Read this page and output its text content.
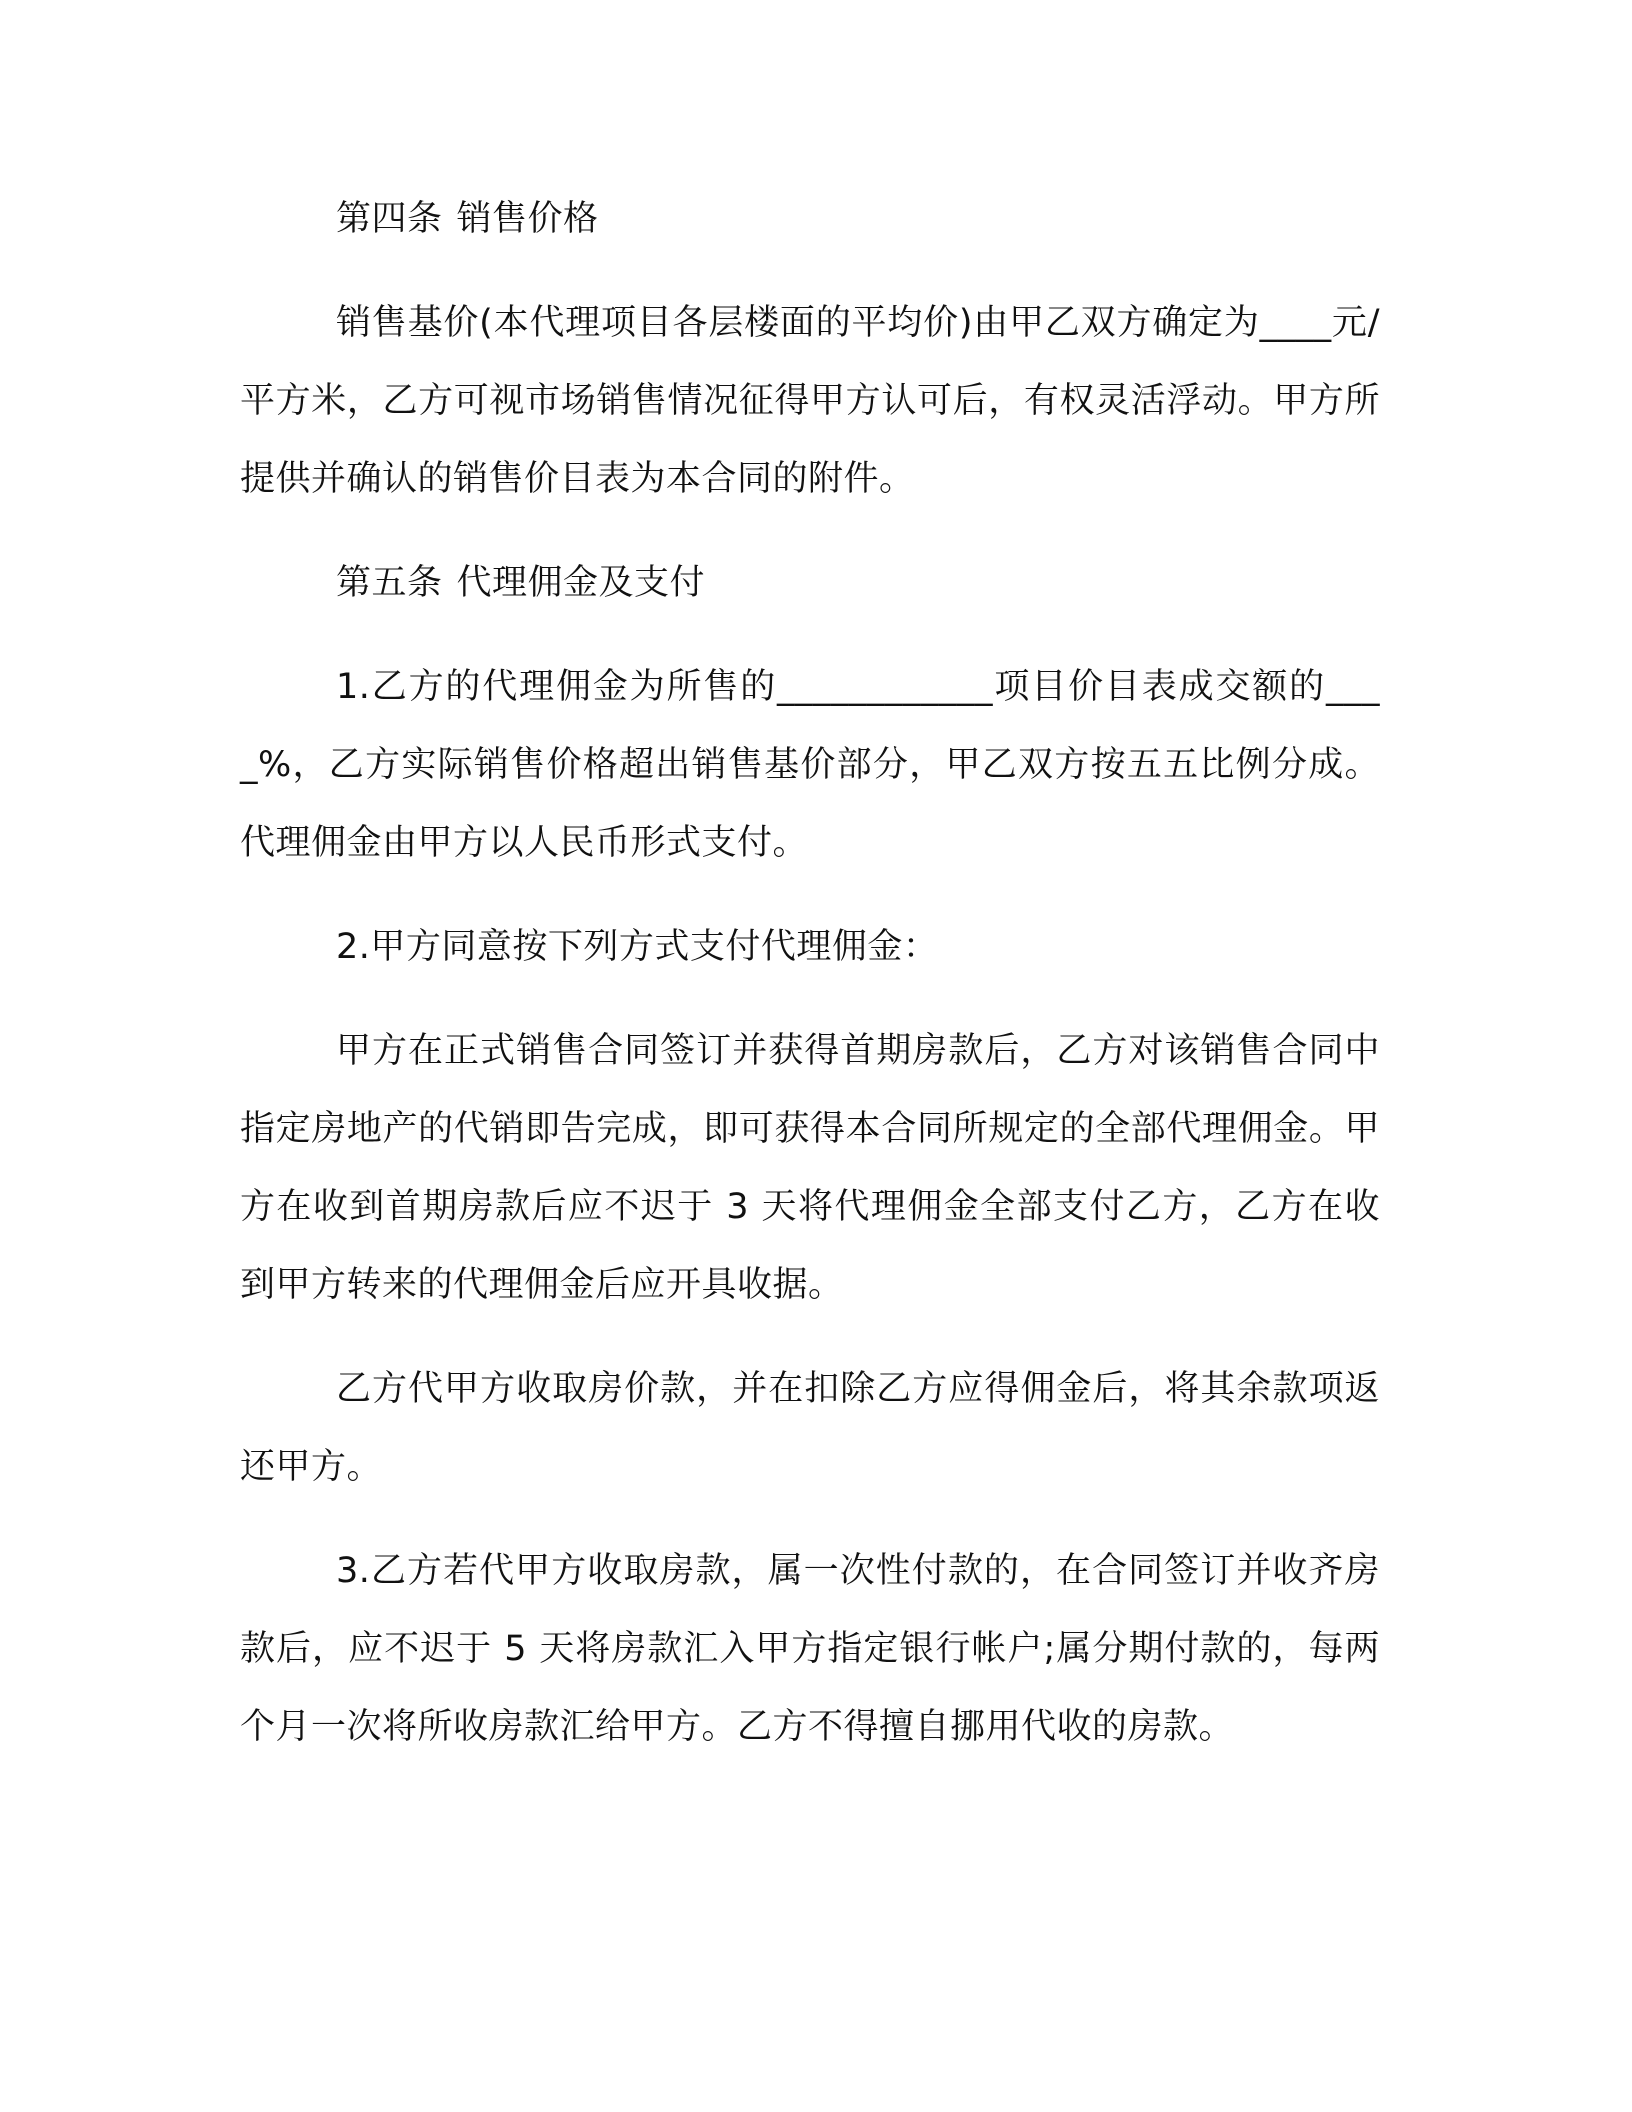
第四条 销售价格

销售基价(本代理项目各层楼面的平均价)由甲乙双方确定为____元/平方米，乙方可视市场销售情况征得甲方认可后，有权灵活浮动。甲方所提供并确认的销售价目表为本合同的附件。

第五条 代理佣金及支付

1.乙方的代理佣金为所售的____________项目价目表成交额的____%，乙方实际销售价格超出销售基价部分，甲乙双方按五五比例分成。代理佣金由甲方以人民币形式支付。

2.甲方同意按下列方式支付代理佣金：

甲方在正式销售合同签订并获得首期房款后，乙方对该销售合同中指定房地产的代销即告完成，即可获得本合同所规定的全部代理佣金。甲方在收到首期房款后应不迟于 3 天将代理佣金全部支付乙方，乙方在收到甲方转来的代理佣金后应开具收据。

乙方代甲方收取房价款，并在扣除乙方应得佣金后，将其余款项返还甲方。

3.乙方若代甲方收取房款，属一次性付款的，在合同签订并收齐房款后，应不迟于 5 天将房款汇入甲方指定银行帐户;属分期付款的，每两个月一次将所收房款汇给甲方。乙方不得擅自挪用代收的房款。
